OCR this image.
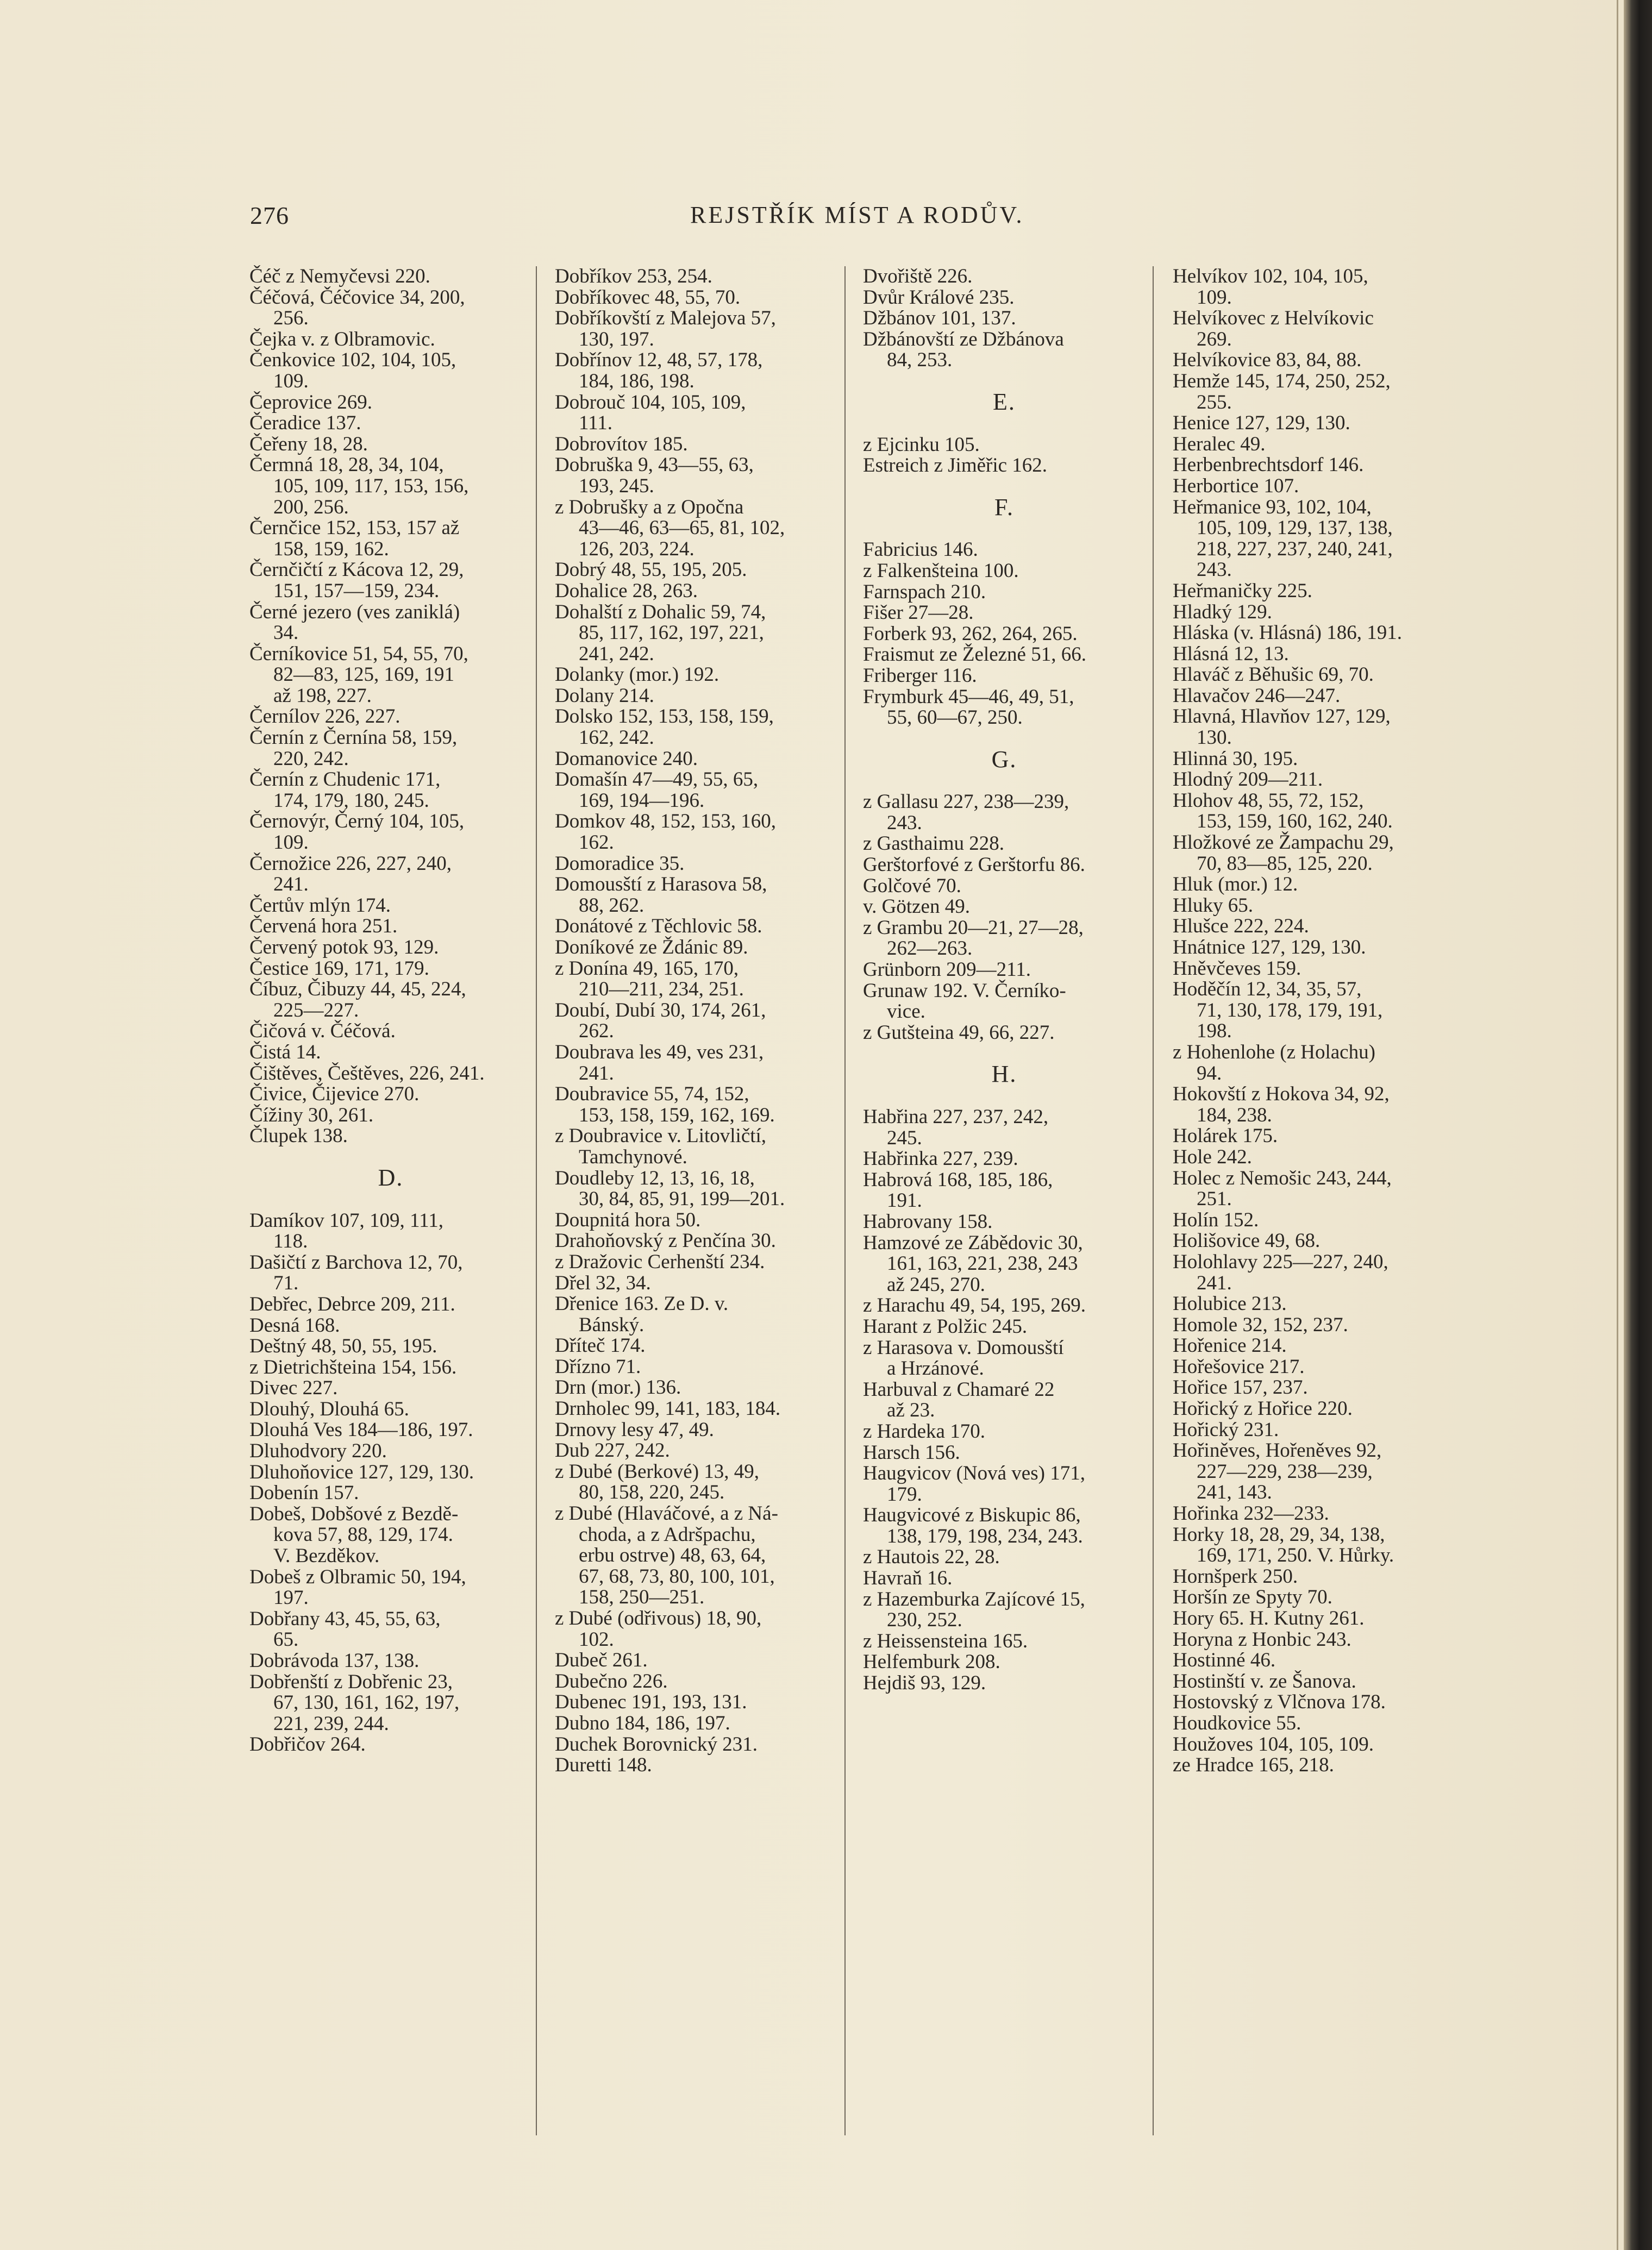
276	REJSTŘÍK MÍST A RODŮV.
Čéč z Nemyčevsi 220.
Čéčová, Čéčovice 34, 200,
256.
Čejka v. z Olbramovic.
Čenkovice 102, 104, 105,
109.
Čeprovice 269.
Čeradice 137.
Čeřeny 18, 28.
Čermná 18, 28, 34, 104,
105, 109, 117, 153, 156,
200, 256.
Černčice 152, 153, 157 až
158, 159, 162.
Černčičtí z Kácova 12, 29,
151, 157—159, 234.
Černé jezero (ves zaniklá)
34.
Černíkovice 51, 54, 55, 70,
82—83, 125, 169, 191
až 198, 227.
Černílov 226, 227.
Černín z Černína 58, 159,
220, 242.
Černín z Chudenic 171,
174, 179, 180, 245.
Černovýr, Černý 104, 105,
109.
Černožice 226, 227, 240,
241.
Čertův mlýn 174.
Červená hora 251.
Červený potok 93, 129.
Čestice 169, 171, 179.
Číbuz, Čibuzy 44, 45, 224,
225—227.
Čičová v. Čéčová.
Čistá 14.
Čištěves, Češtěves, 226, 241.
Čivice, Čijevice 270.
Čížiny 30, 261.
Člupek 138.
D.
Damíkov 107, 109, 111,
118.
Dašičtí z Barchova 12, 70,
71.
Debřec, Debrce 209, 211.
Desná 168.
Deštný 48, 50, 55, 195.
z Dietrichšteina 154, 156.
Divec 227.
Dlouhý, Dlouhá 65.
Dlouhá Ves 184—186, 197.
Dluhodvory 220.
Dluhoňovice 127, 129, 130.
Dobenín 157.
Dobeš, Dobšové z Bezdě-
kova 57, 88, 129, 174.
V. Bezděkov.
Dobeš z Olbramic 50, 194,
197.
Dobřany 43, 45, 55, 63,
65.
Dobrávoda 137, 138.
Dobřenští z Dobřenic 23,
67, 130, 161, 162, 197,
221, 239, 244.
Dobřičov 264.
Dobříkov 253, 254.
Dobříkovec 48, 55, 70.
Dobříkovští z Malejova 57,
130, 197.
Dobřínov 12, 48, 57, 178,
184, 186, 198.
Dobrouč 104, 105, 109,
111.
Dobrovítov 185.
Dobruška 9, 43—55, 63,
193, 245.
z Dobrušky a z Opočna
43—46, 63—65, 81, 102,
126, 203, 224.
Dobrý 48, 55, 195, 205.
Dohalice 28, 263.
Dohalští z Dohalic 59, 74,
85, 117, 162, 197, 221,
241, 242.
Dolanky (mor.) 192.
Dolany 214.
Dolsko 152, 153, 158, 159,
162, 242.
Domanovice 240.
Domašín 47—49, 55, 65,
169, 194—196.
Domkov 48, 152, 153, 160,
162.
Domoradice 35.
Domousští z Harasova 58,
88, 262.
Donátové z Těchlovic 58.
Doníkové ze Ždánic 89.
z Donína 49, 165, 170,
210—211, 234, 251.
Doubí, Dubí 30, 174, 261,
262.
Doubrava les 49, ves 231,
241.
Doubravice 55, 74, 152,
153, 158, 159, 162, 169.
z Doubravice v. Litovličtí,
Tamchynové.
Doudleby 12, 13, 16, 18,
30, 84, 85, 91, 199—201.
Doupnitá hora 50.
Drahoňovský z Penčína 30.
z Dražovic Cerhenští 234.
Dřel 32, 34.
Dřenice 163. Ze D. v.
Bánský.
Dříteč 174.
Dřízno 71.
Drn (mor.) 136.
Drnholec 99, 141, 183, 184.
Drnovy lesy 47, 49.
Dub 227, 242.
z Dubé (Berkové) 13, 49,
80, 158, 220, 245.
z Dubé (Hlaváčové, a z Ná-
choda, a z Adršpachu,
erbu ostrve) 48, 63, 64,
67, 68, 73, 80, 100, 101,
158, 250—251.
z Dubé (odřivous) 18, 90,
102.
Dubeč 261.
Dubečno 226.
Dubenec 191, 193, 131.
Dubno 184, 186, 197.
Duchek Borovnický 231.
Duretti 148.
Dvořiště 226.
Dvůr Králové 235.
Džbánov 101, 137.
Džbánovští ze Džbánova
84, 253.
E.
z Ejcinku 105.
Estreich z Jiměřic 162.
F.
Fabricius 146.
z Falkenšteina 100.
Farnspach 210.
Fišer 27—28.
Forberk 93, 262, 264, 265.
Fraismut ze Železné 51, 66.
Friberger 116.
Frymburk 45—46, 49, 51,
55, 60—67, 250.
G.
z Gallasu 227, 238—239,
243.
z Gasthaimu 228.
Gerštorfové z Gerštorfu 86.
Golčové 70.
v. Götzen 49.
z Grambu 20—21, 27—28,
262—263.
Grünborn 209—211.
Grunaw 192. V. Černíko-
vice.
z Gutšteina 49, 66, 227.
H.
Habřina 227, 237, 242,
245.
Habřinka 227, 239.
Habrová 168, 185, 186,
191.
Habrovany 158.
Hamzové ze Zábědovic 30,
161, 163, 221, 238, 243
až 245, 270.
z Harachu 49, 54, 195, 269.
Harant z Polžic 245.
z Harasova v. Domousští
a Hrzánové.
Harbuval z Chamaré 22
až 23.
z Hardeka 170.
Harsch 156.
Haugvicov (Nová ves) 171,
179.
Haugvicové z Biskupic 86,
138, 179, 198, 234, 243.
z Hautois 22, 28.
Havraň 16.
z Hazemburka Zajícové 15,
230, 252.
z Heissensteina 165.
Helfemburk 208.
Hejdiš 93, 129.
Helvíkov 102, 104, 105,
109.
Helvíkovec z Helvíkovic
269.
Helvíkovice 83, 84, 88.
Hemže 145, 174, 250, 252,
255.
Henice 127, 129, 130.
Heralec 49.
Herbenbrechtsdorf 146.
Herbortice 107.
Heřmanice 93, 102, 104,
105, 109, 129, 137, 138,
218, 227, 237, 240, 241,
243.
Heřmaničky 225.
Hladký 129.
Hláska (v. Hlásná) 186, 191.
Hlásná 12, 13.
Hlaváč z Běhušic 69, 70.
Hlavačov 246—247.
Hlavná, Hlavňov 127, 129,
130.
Hlinná 30, 195.
Hlodný 209—211.
Hlohov 48, 55, 72, 152,
153, 159, 160, 162, 240.
Hložkové ze Žampachu 29,
70, 83—85, 125, 220.
Hluk (mor.) 12.
Hluky 65.
Hlušce 222, 224.
Hnátnice 127, 129, 130.
Hněvčeves 159.
Hoděčín 12, 34, 35, 57,
71, 130, 178, 179, 191,
198.
z Hohenlohe (z Holachu)
94.
Hokovští z Hokova 34, 92,
184, 238.
Holárek 175.
Hole 242.
Holec z Nemošic 243, 244,
251.
Holín 152.
Holišovice 49, 68.
Holohlavy 225—227, 240,
241.
Holubice 213.
Homole 32, 152, 237.
Hořenice 214.
Hořešovice 217.
Hořice 157, 237.
Hořický z Hořice 220.
Hořický 231.
Hořiněves, Hořeněves 92,
227—229, 238—239,
241, 143.
Hořinka 232—233.
Horky 18, 28, 29, 34, 138,
169, 171, 250. V. Hůrky.
Hornšperk 250.
Horšín ze Spyty 70.
Hory 65. H. Kutny 261.
Horyna z Honbic 243.
Hostinné 46.
Hostinští v. ze Šanova.
Hostovský z Vlčnova 178.
Houdkovice 55.
Houžoves 104, 105, 109.
ze Hradce 165, 218.
